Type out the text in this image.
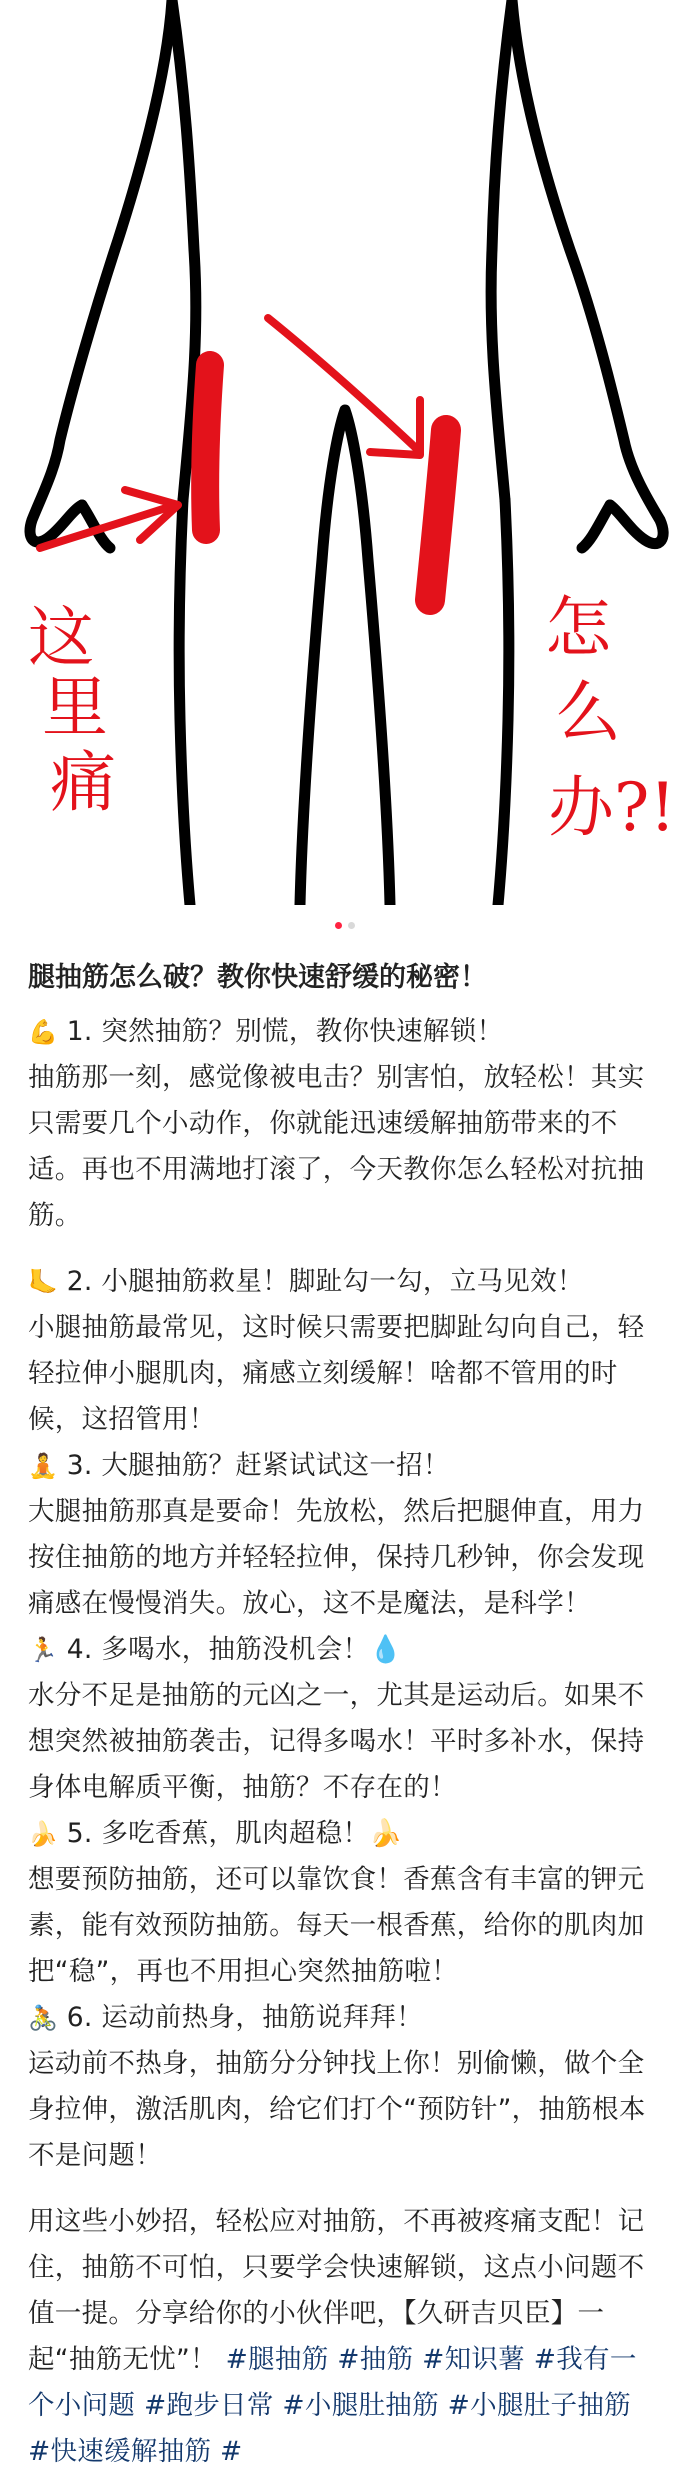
这
里
痛
怎
么
办?!
腿抽筋怎么破？教你快速舒缓的秘密！

💪 1. 突然抽筋？别慌，教你快速解锁！
抽筋那一刻，感觉像被电击？别害怕，放轻松！其实只需要几个小动作，你就能迅速缓解抽筋带来的不适。再也不用满地打滚了，今天教你怎么轻松对抗抽筋。

🦶 2. 小腿抽筋救星！脚趾勾一勾，立马见效！
小腿抽筋最常见，这时候只需要把脚趾勾向自己，轻轻拉伸小腿肌肉，痛感立刻缓解！啥都不管用的时候，这招管用！

🧘 3. 大腿抽筋？赶紧试试这一招！
大腿抽筋那真是要命！先放松，然后把腿伸直，用力按住抽筋的地方并轻轻拉伸，保持几秒钟，你会发现痛感在慢慢消失。放心，这不是魔法，是科学！

🏃 4. 多喝水，抽筋没机会！💧
水分不足是抽筋的元凶之一，尤其是运动后。如果不想突然被抽筋袭击，记得多喝水！平时多补水，保持身体电解质平衡，抽筋？不存在的！

🍌 5. 多吃香蕉，肌肉超稳！🍌
想要预防抽筋，还可以靠饮食！香蕉含有丰富的钾元素，能有效预防抽筋。每天一根香蕉，给你的肌肉加把“稳”，再也不用担心突然抽筋啦！

🚴 6. 运动前热身，抽筋说拜拜！
运动前不热身，抽筋分分钟找上你！别偷懒，做个全身拉伸，激活肌肉，给它们打个“预防针”，抽筋根本不是问题！

用这些小妙招，轻松应对抽筋，不再被疼痛支配！记住，抽筋不可怕，只要学会快速解锁，这点小问题不值一提。分享给你的小伙伴吧，【久研吉贝臣】一起“抽筋无忧”！ #腿抽筋 #抽筋 #知识薯 #我有一个小问题 #跑步日常 #小腿肚抽筋 #小腿肚子抽筋 #快速缓解抽筋 #
